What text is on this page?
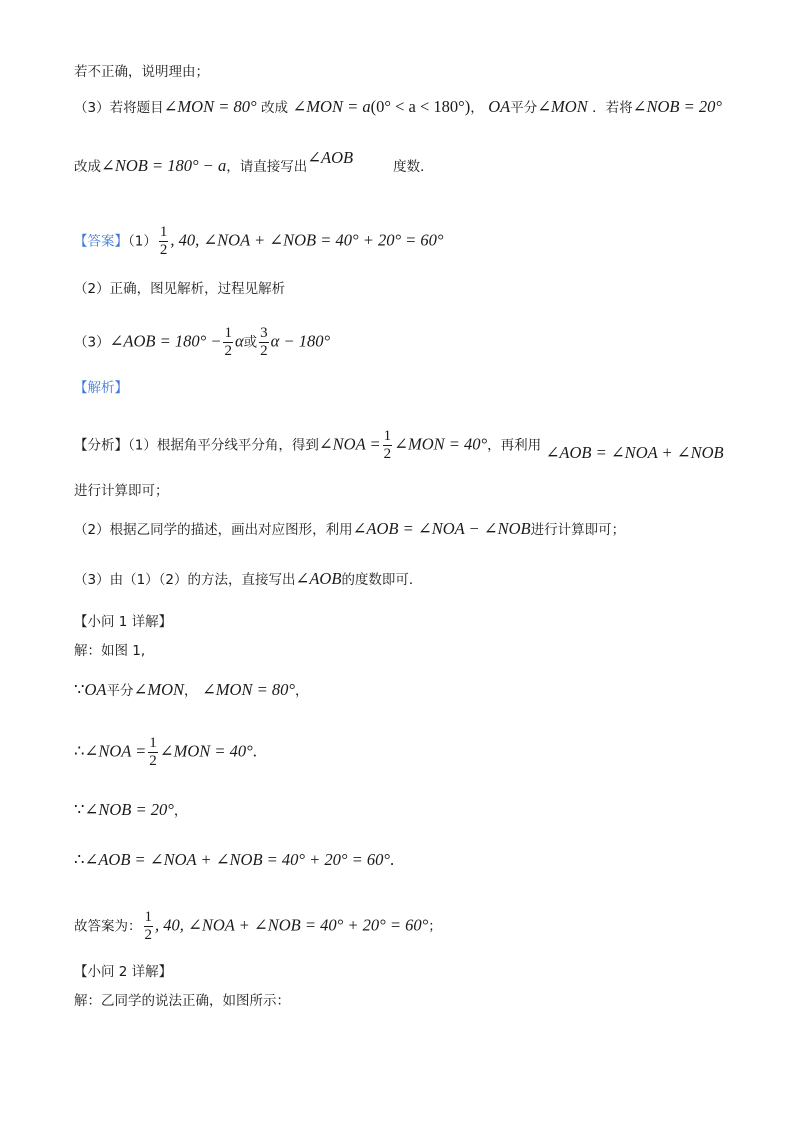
若不正确，说明理由；
（3）若将题目∠MON = 80° 改成 ∠MON = a(0° < a < 180°)， OA平分∠MON ．若将∠NOB = 20°
改成∠NOB = 180° − a，请直接写出∠AOB	度数．
【答案】$(1) \frac{1}{2}$ , 40, ∠NOA + ∠NOB = 40° + 20° = 60°
（2）正确，图见解析，过程见解析
（3）∠AOB = $180^\circ - \frac{1}{2}$ α或 $\frac{3}{2}$ α − 180°
【解析】
【分析】（1）根据角平分线平分角，得到∠NOA = $\frac{1}{2}$ ∠MON = 40°，再利用 ∠AOB = ∠NOA + ∠NOB
进行计算即可；
（2）根据乙同学的描述，画出对应图形，利用∠AOB = ∠NOA − ∠NOB进行计算即可；
（3）由（1）（2）的方法，直接写出∠AOB的度数即可．
【小问 1 详解】
解：如图 1,
∵OA平分∠MON， ∠MON = 80°，
∴∠NOA = $\frac{1}{2}$ ∠MON = 40°.
∵∠NOB = 20°，
∴∠AOB = ∠NOA + ∠NOB = 40° + 20° = 60°.
故答案为： $\frac{1}{2}$ , 40, ∠NOA + ∠NOB = 40° + 20° = 60°；
【小问 2 详解】
解：乙同学的说法正确，如图所示：
